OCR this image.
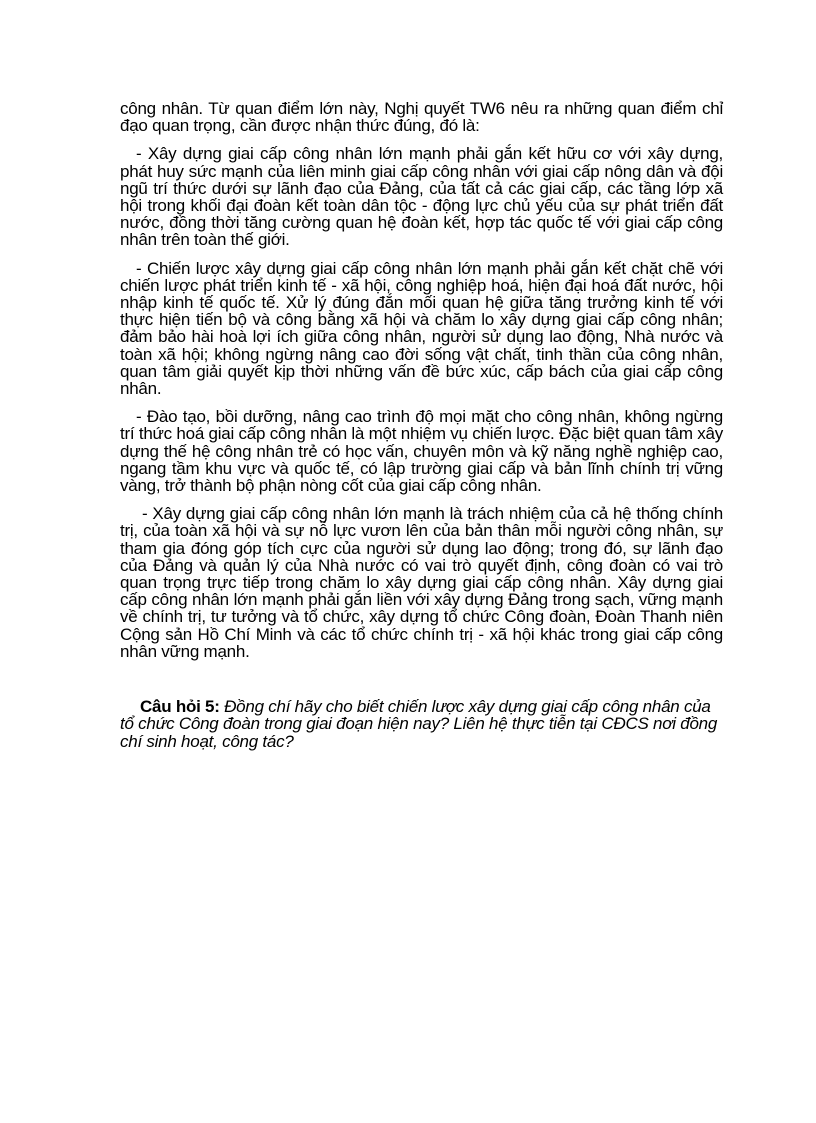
công nhân. Từ quan điểm lớn này, Nghị quyết TW6 nêu ra những quan điểm chỉ đạo quan trọng, cần được nhận thức đúng, đó là:

- Xây dựng giai cấp công nhân lớn mạnh phải gắn kết hữu cơ với xây dựng, phát huy sức mạnh của liên minh giai cấp công nhân với giai cấp nông dân và đội ngũ trí thức dưới sự lãnh đạo của Đảng, của tất cả các giai cấp, các tầng lớp xã hội trong khối đại đoàn kết toàn dân tộc - động lực chủ yếu của sự phát triển đất nước, đồng thời tăng cường quan hệ đoàn kết, hợp tác quốc tế với giai cấp công nhân trên toàn thế giới.

- Chiến lược xây dựng giai cấp công nhân lớn mạnh phải gắn kết chặt chẽ với chiến lược phát triển kinh tế - xã hội, công nghiệp hoá, hiện đại hoá đất nước, hội nhập kinh tế quốc tế. Xử lý đúng đắn mối quan hệ giữa tăng trưởng kinh tế với thực hiện tiến bộ và công bằng xã hội và chăm lo xây dựng giai cấp công nhân; đảm bảo hài hoà lợi ích giữa công nhân, người sử dụng lao động, Nhà nước và toàn xã hội; không ngừng nâng cao đời sống vật chất, tinh thần của công nhân, quan tâm giải quyết kịp thời những vấn đề bức xúc, cấp bách của giai cấp công nhân.

- Đào tạo, bồi dưỡng, nâng cao trình độ mọi mặt cho công nhân, không ngừng trí thức hoá giai cấp công nhân là một nhiệm vụ chiến lược. Đặc biệt quan tâm xây dựng thế hệ công nhân trẻ có học vấn, chuyên môn và kỹ năng nghề nghiệp cao, ngang tầm khu vực và quốc tế, có lập trường giai cấp và bản lĩnh chính trị vững vàng, trở thành bộ phận nòng cốt của giai cấp công nhân.

- Xây dựng giai cấp công nhân lớn mạnh là trách nhiệm của cả hệ thống chính trị, của toàn xã hội và sự nỗ lực vươn lên của bản thân mỗi người công nhân, sự tham gia đóng góp tích cực của người sử dụng lao động; trong đó, sự lãnh đạo của Đảng và quản lý của Nhà nước có vai trò quyết định, công đoàn có vai trò quan trọng trực tiếp trong chăm lo xây dựng giai cấp công nhân. Xây dựng giai cấp công nhân lớn mạnh phải gắn liền với xây dựng Đảng trong sạch, vững mạnh về chính trị, tư tưởng và tổ chức, xây dựng tổ chức Công đoàn, Đoàn Thanh niên Cộng sản Hồ Chí Minh và các tổ chức chính trị - xã hội khác trong giai cấp công nhân vững mạnh.

Câu hỏi 5: Đồng chí hãy cho biết chiến lược xây dựng giai cấp công nhân của tổ chức Công đoàn trong giai đoạn hiện nay? Liên hệ thực tiễn tại CĐCS nơi đồng chí sinh hoạt, công tác?
